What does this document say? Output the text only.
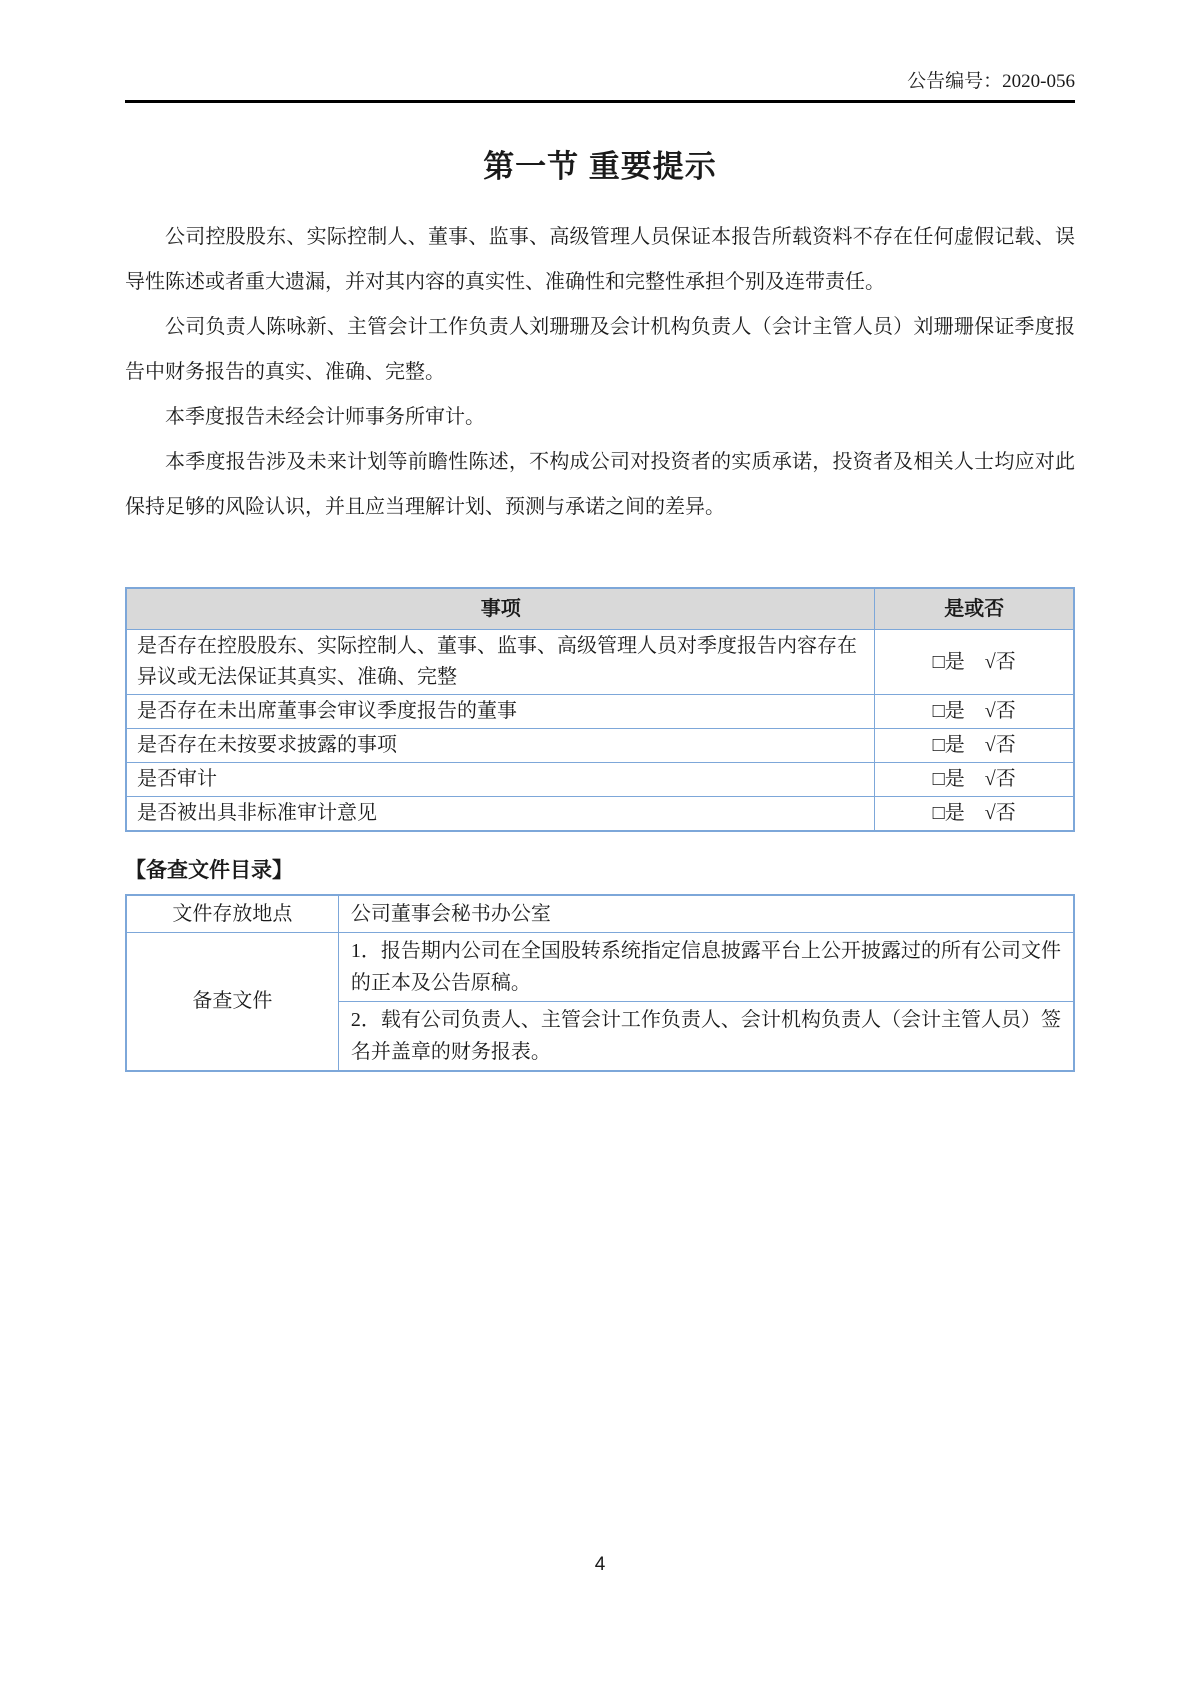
公告编号：2020-056
第一节 重要提示

公司控股股东、实际控制人、董事、监事、高级管理人员保证本报告所载资料不存在任何虚假记载、误导性陈述或者重大遗漏，并对其内容的真实性、准确性和完整性承担个别及连带责任。

公司负责人陈咏新、主管会计工作负责人刘珊珊及会计机构负责人（会计主管人员）刘珊珊保证季度报告中财务报告的真实、准确、完整。

本季度报告未经会计师事务所审计。

本季度报告涉及未来计划等前瞻性陈述，不构成公司对投资者的实质承诺，投资者及相关人士均应对此保持足够的风险认识，并且应当理解计划、预测与承诺之间的差异。

事项	是或否
是否存在控股股东、实际控制人、董事、监事、高级管理人员对季度报告内容存在异议或无法保证其真实、准确、完整	□是　√否
是否存在未出席董事会审议季度报告的董事	□是　√否
是否存在未按要求披露的事项	□是　√否
是否审计	□是　√否
是否被出具非标准审计意见	□是　√否
【备查文件目录】
文件存放地点	公司董事会秘书办公室
备查文件	1．报告期内公司在全国股转系统指定信息披露平台上公开披露过的所有公司文件的正本及公告原稿。
	2．载有公司负责人、主管会计工作负责人、会计机构负责人（会计主管人员）签名并盖章的财务报表。
4
